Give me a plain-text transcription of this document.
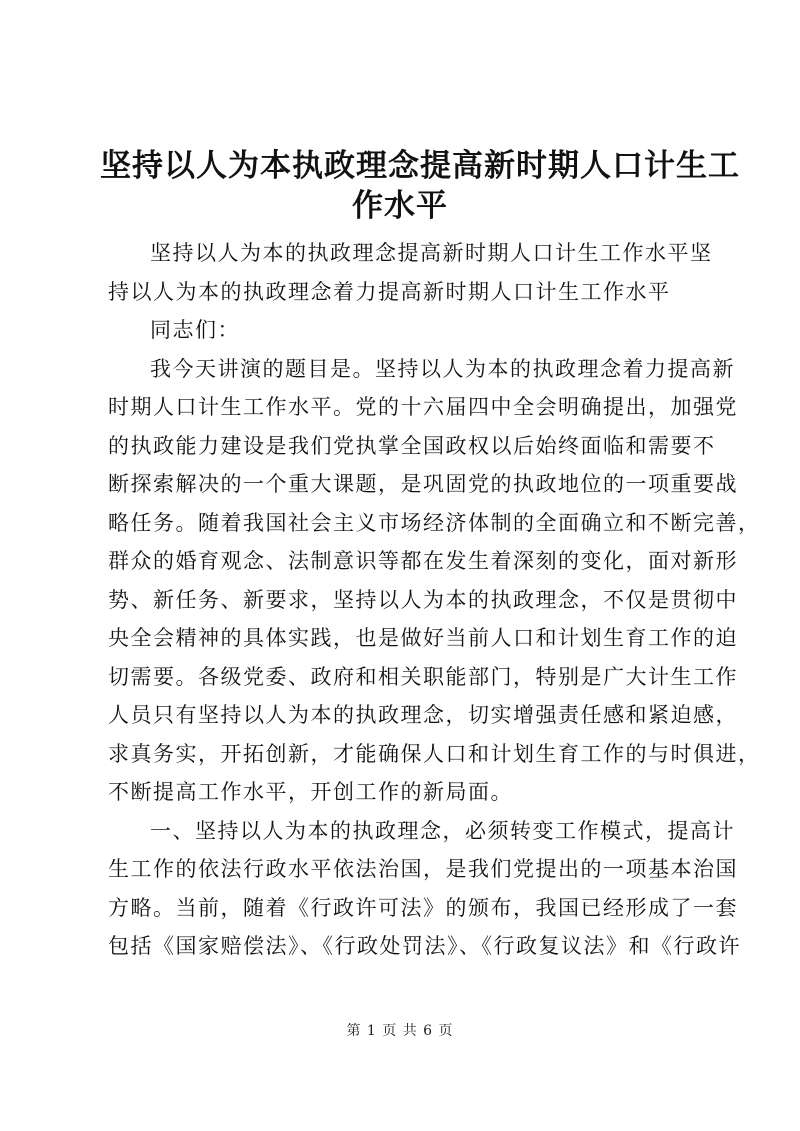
坚持以人为本执政理念提高新时期人口计生工
作水平
坚持以人为本的执政理念提高新时期人口计生工作水平坚
持以人为本的执政理念着力提高新时期人口计生工作水平
同志们：
我今天讲演的题目是。坚持以人为本的执政理念着力提高新
时期人口计生工作水平。党的十六届四中全会明确提出，加强党
的执政能力建设是我们党执掌全国政权以后始终面临和需要不
断探索解决的一个重大课题，是巩固党的执政地位的一项重要战
略任务。随着我国社会主义市场经济体制的全面确立和不断完善，
群众的婚育观念、法制意识等都在发生着深刻的变化，面对新形
势、新任务、新要求，坚持以人为本的执政理念，不仅是贯彻中
央全会精神的具体实践，也是做好当前人口和计划生育工作的迫
切需要。各级党委、政府和相关职能部门，特别是广大计生工作
人员只有坚持以人为本的执政理念，切实增强责任感和紧迫感，
求真务实，开拓创新，才能确保人口和计划生育工作的与时俱进，
不断提高工作水平，开创工作的新局面。
一、坚持以人为本的执政理念，必须转变工作模式，提高计
生工作的依法行政水平依法治国，是我们党提出的一项基本治国
方略。当前，随着《行政许可法》的颁布，我国已经形成了一套
包括《国家赔偿法》、《行政处罚法》、《行政复议法》和《行政许
第 1 页 共 6 页
